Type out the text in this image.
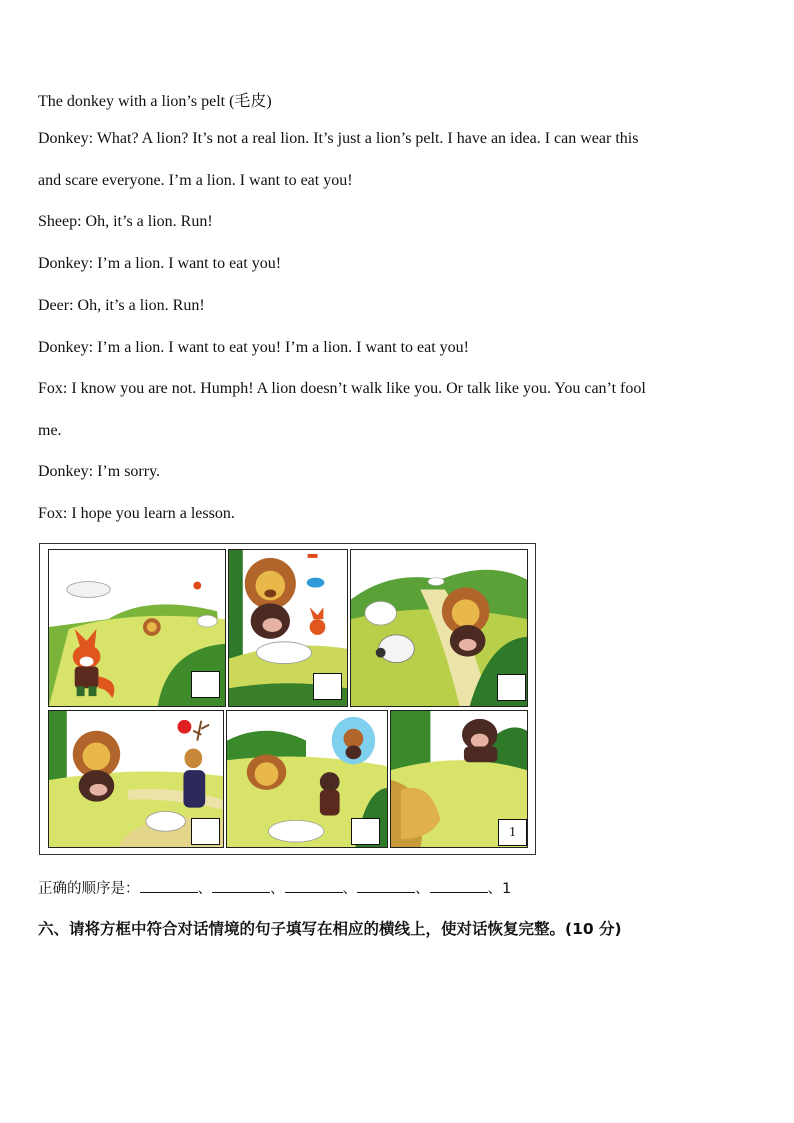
The donkey with a lion’s pelt (毛皮)
Donkey: What? A lion? It’s not a real lion. It’s just a lion’s pelt. I have an idea. I can wear this
and scare everyone. I’m a lion. I want to eat you!
Sheep: Oh, it’s a lion. Run!
Donkey: I’m a lion. I want to eat you!
Deer: Oh, it’s a lion. Run!
Donkey: I’m a lion. I want to eat you! I’m a lion. I want to eat you!
Fox: I know you are not. Humph! A lion doesn’t walk like you. Or talk like you. You can’t fool
me.
Donkey: I’m sorry.
Fox: I hope you learn a lesson.
1
正确的顺序是：	、	、	、	、	、1
六、请将方框中符合对话情境的句子填写在相应的横线上，使对话恢复完整。(10 分)
